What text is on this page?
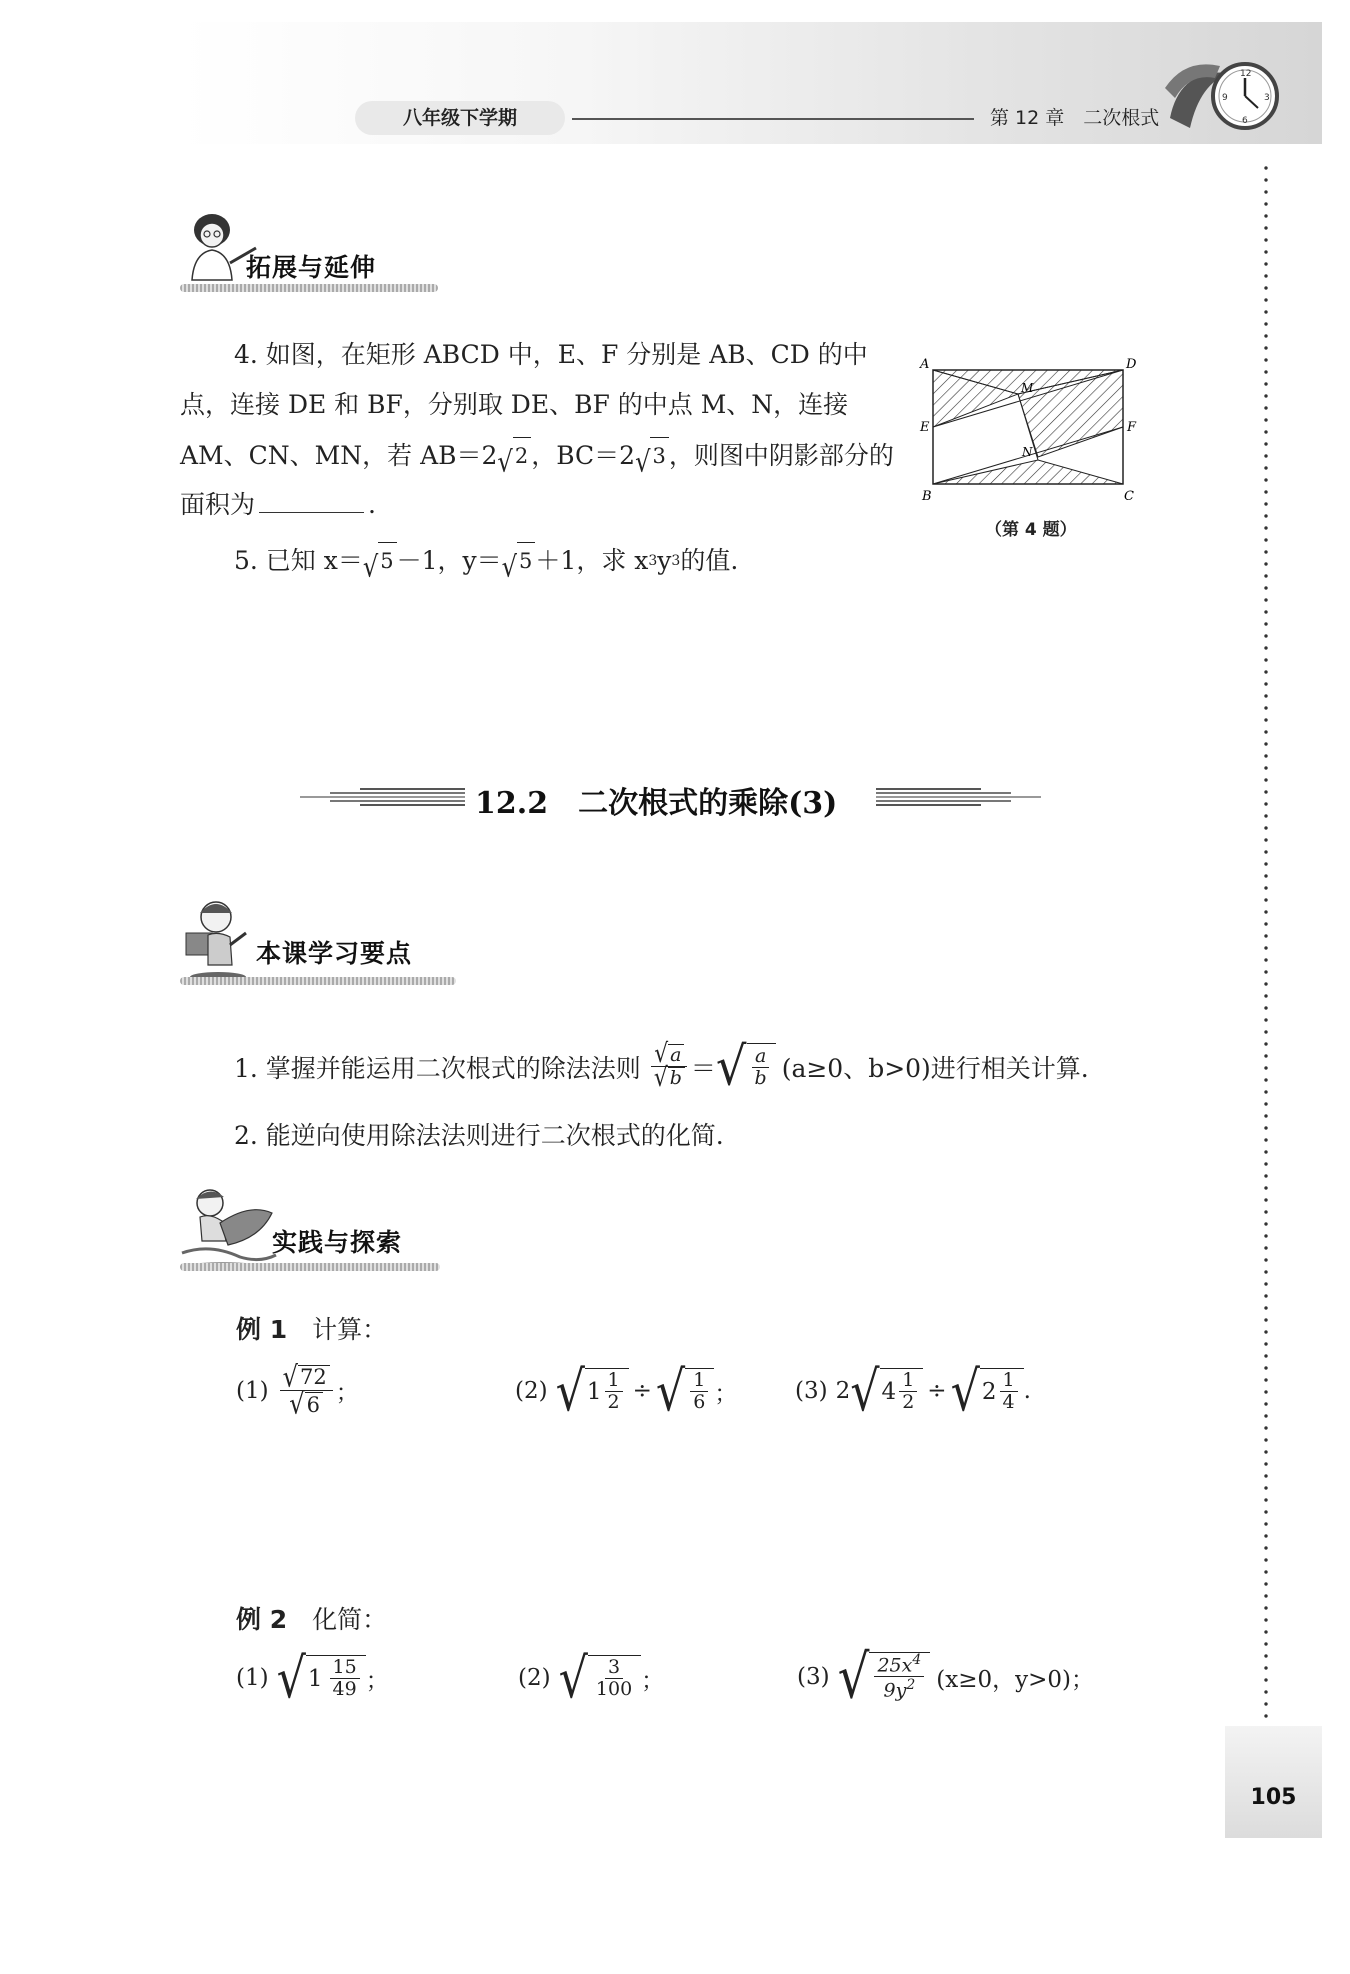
八年级下学期	第 12 章　二次根式
12
3
6
9
拓展与延伸
4. 如图，在矩形 ABCD 中，E、F 分别是 AB、CD 的中
点，连接 DE 和 BF，分别取 DE、BF 的中点 M、N，连接
AM、CN、MN，若 AB＝2 √ 2 ，BC＝2 √ 3 ，则图中阴影部分的
面积为	.
A	D
E	F
M
N
B	C
（第 4 题）
5. 已知 x＝ √ 5 －1，y＝ √ 5 ＋1，求 x 3 y 3 的值.
12.2　二次根式的乘除(3)
本课学习要点
1. 掌握并能运用二次根式的除法法则 $\frac{√ a}{√ b}$ ＝ √ $\frac{a}{b} (a\ge 0$、b>0)进行相关计算.
2. 能逆向使用除法法则进行二次根式的化简.
实践与探索
例 1　 计算：
$(1) \frac{√ 72}{√ 6}$ ；	(2) √ $1 \frac{1}{2}$ ÷ √ $\frac{1}{6}$ ；	(3) 2 √ $4 \frac{1}{2}$ ÷ √ $2 \frac{1}{4}$ .
例 2　 化简：
(1) √ $1 \frac{15}{49}$ ；	(2) √ $\frac{3}{100}$ ；	(3) √ $\frac{25x^4}{9y^2} (x\ge 0$，y>0)；
105
